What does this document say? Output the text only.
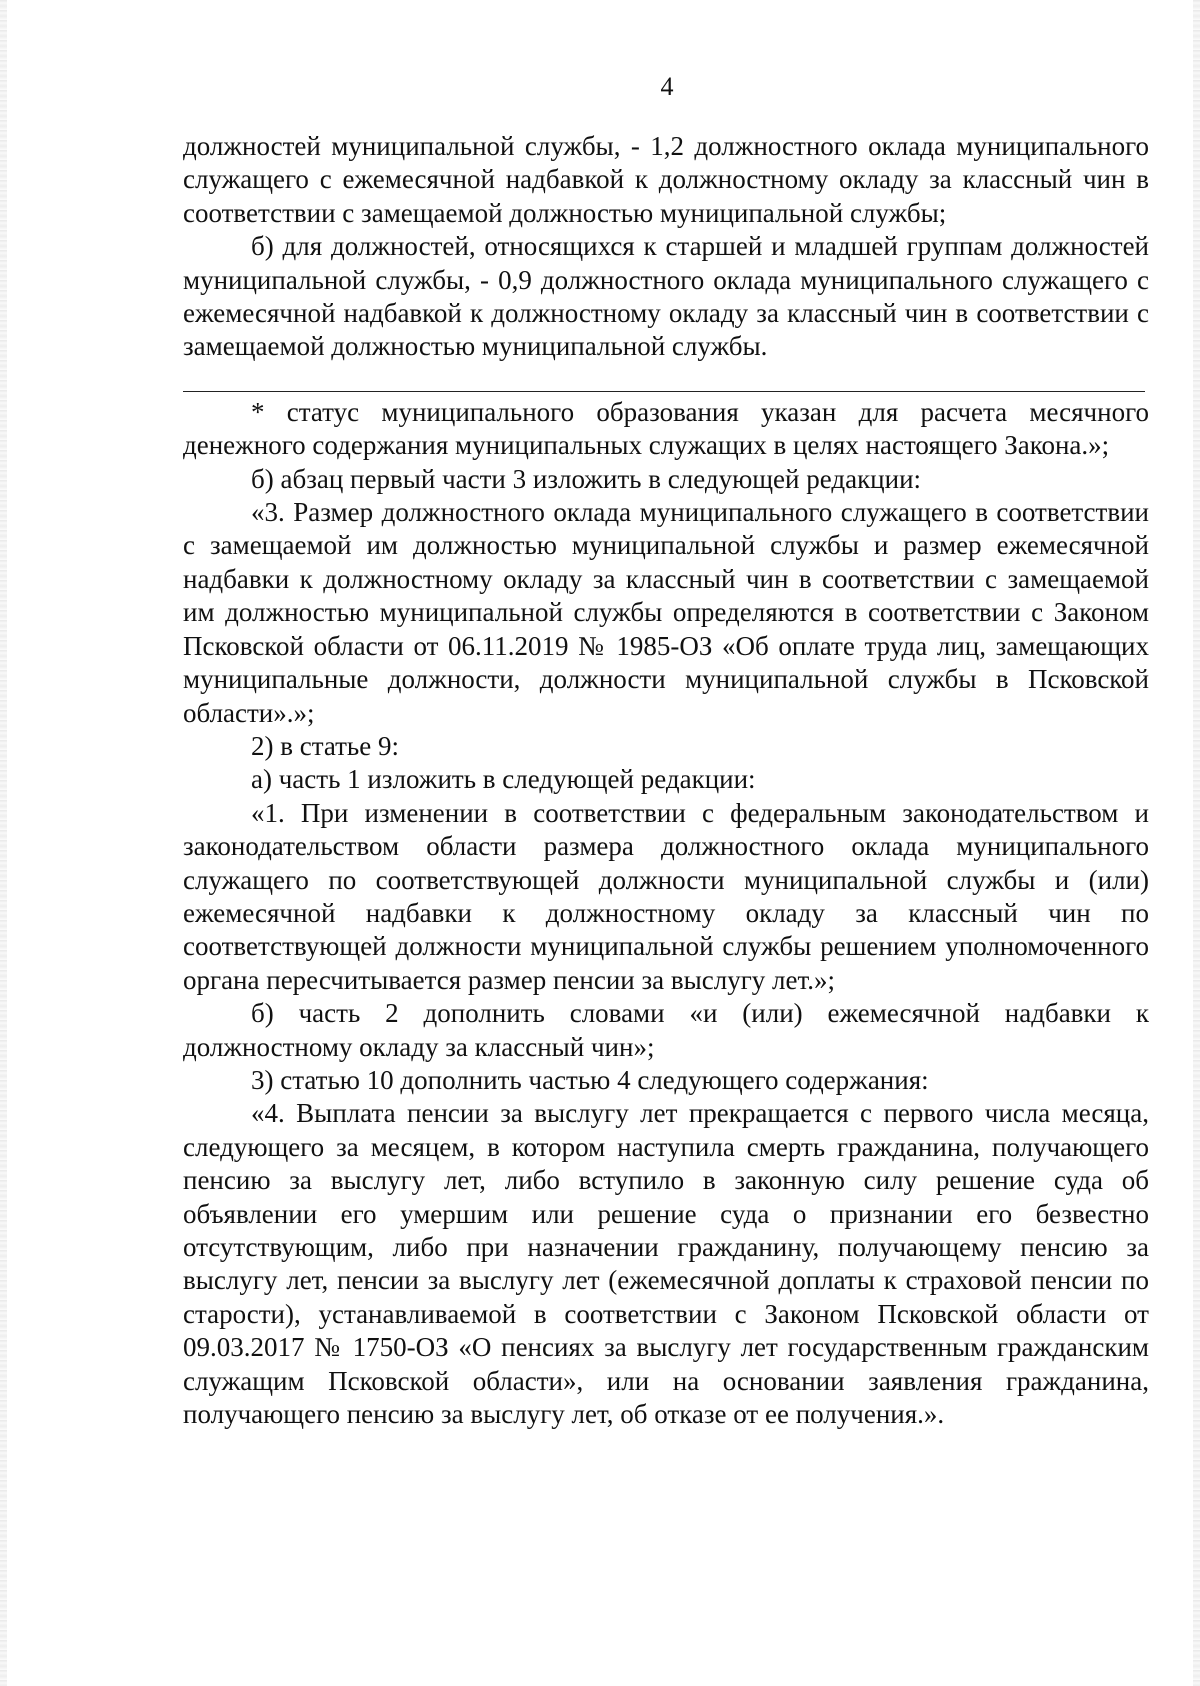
4

должностей муниципальной службы, - 1,2 должностного оклада муниципального служащего с ежемесячной надбавкой к должностному окладу за классный чин в соответствии с замещаемой должностью муниципальной службы;

б) для должностей, относящихся к старшей и младшей группам должностей муниципальной службы, - 0,9 должностного оклада муниципального служащего с ежемесячной надбавкой к должностному окладу за классный чин в соответствии с замещаемой должностью муниципальной службы.

* статус муниципального образования указан для расчета месячного денежного содержания муниципальных служащих в целях настоящего Закона.»;

б) абзац первый части 3 изложить в следующей редакции:

«3. Размер должностного оклада муниципального служащего в соответствии с замещаемой им должностью муниципальной службы и размер ежемесячной надбавки к должностному окладу за классный чин в соответствии с замещаемой им должностью муниципальной службы определяются в соответствии с Законом Псковской области от 06.11.2019 № 1985-ОЗ «Об оплате труда лиц, замещающих муниципальные должности, должности муниципальной службы в Псковской области».»;

2) в статье 9:

а) часть 1 изложить в следующей редакции:

«1. При изменении в соответствии с федеральным законодательством и законодательством области размера должностного оклада муниципального служащего по соответствующей должности муниципальной службы и (или) ежемесячной надбавки к должностному окладу за классный чин по соответствующей должности муниципальной службы решением уполномоченного органа пересчитывается размер пенсии за выслугу лет.»;

б) часть 2 дополнить словами «и (или) ежемесячной надбавки к должностному окладу за классный чин»;

3) статью 10 дополнить частью 4 следующего содержания:

«4. Выплата пенсии за выслугу лет прекращается с первого числа месяца, следующего за месяцем, в котором наступила смерть гражданина, получающего пенсию за выслугу лет, либо вступило в законную силу решение суда об объявлении его умершим или решение суда о признании его безвестно отсутствующим, либо при назначении гражданину, получающему пенсию за выслугу лет, пенсии за выслугу лет (ежемесячной доплаты к страховой пенсии по старости), устанавливаемой в соответствии с Законом Псковской области от 09.03.2017 № 1750-ОЗ «О пенсиях за выслугу лет государственным гражданским служащим Псковской области», или на основании заявления гражданина, получающего пенсию за выслугу лет, об отказе от ее получения.».
